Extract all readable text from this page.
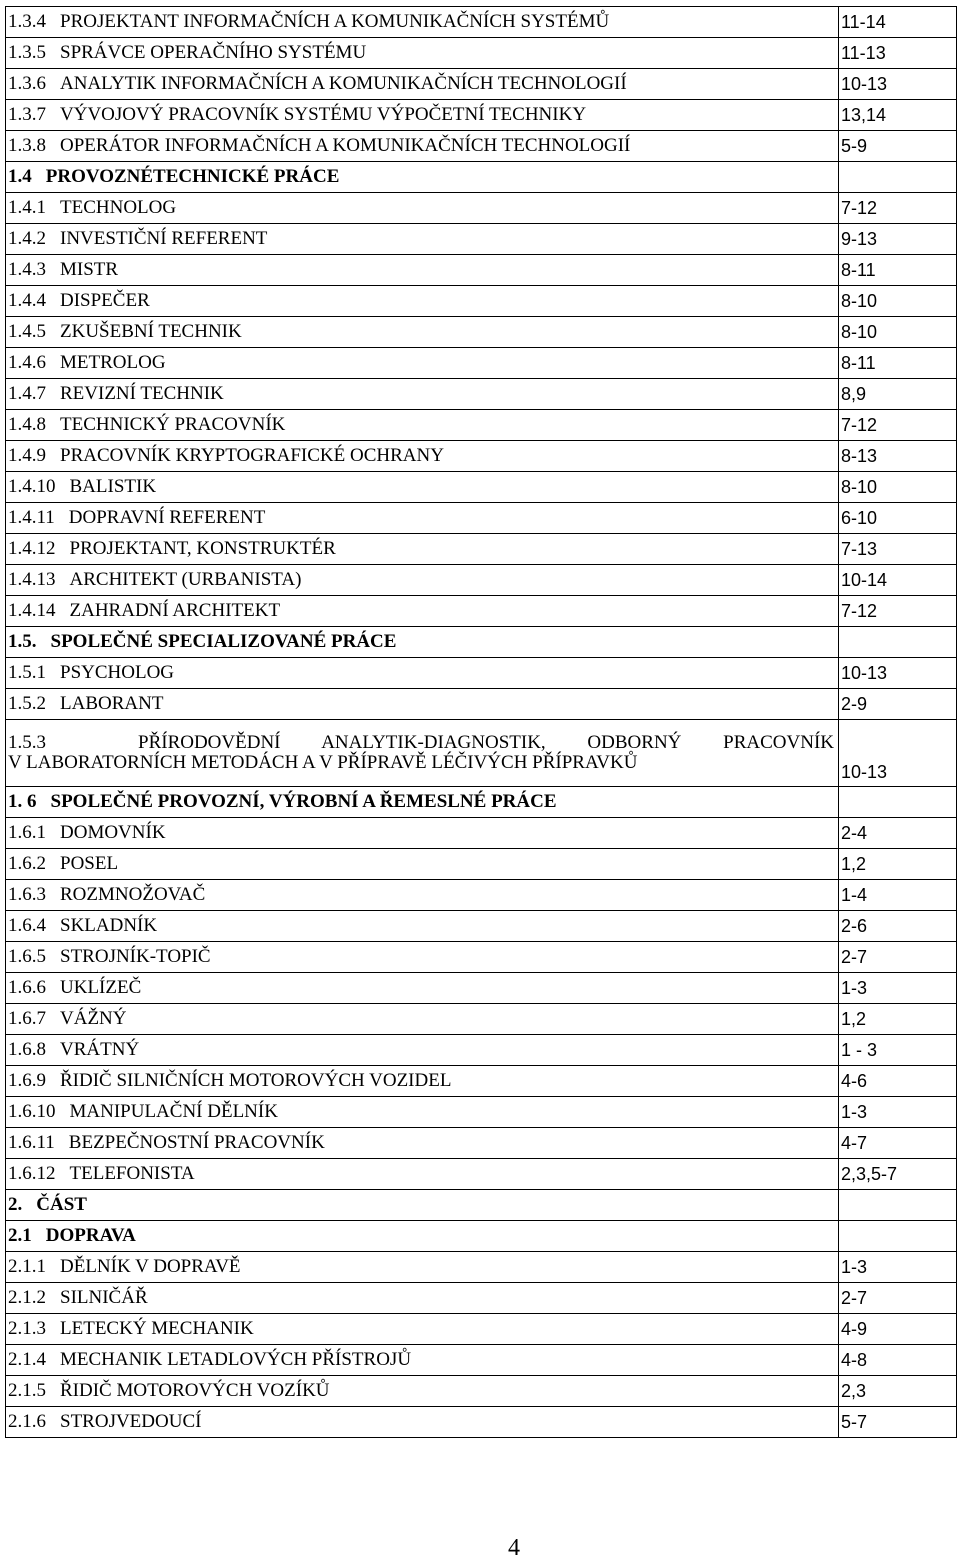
1.3.4 PROJEKTANT INFORMAČNÍCH A KOMUNIKAČNÍCH SYSTÉMŮ	11-14
1.3.5 SPRÁVCE OPERAČNÍHO SYSTÉMU	11-13
1.3.6 ANALYTIK INFORMAČNÍCH A KOMUNIKAČNÍCH TECHNOLOGIÍ	10-13
1.3.7 VÝVOJOVÝ PRACOVNÍK SYSTÉMU VÝPOČETNÍ TECHNIKY	13,14
1.3.8 OPERÁTOR INFORMAČNÍCH A KOMUNIKAČNÍCH TECHNOLOGIÍ	5-9
1.4 PROVOZNÉTECHNICKÉ PRÁCE	
1.4.1 TECHNOLOG	7-12
1.4.2 INVESTIČNÍ REFERENT	9-13
1.4.3 MISTR	8-11
1.4.4 DISPEČER	8-10
1.4.5 ZKUŠEBNÍ TECHNIK	8-10
1.4.6 METROLOG	8-11
1.4.7 REVIZNÍ TECHNIK	8,9
1.4.8 TECHNICKÝ PRACOVNÍK	7-12
1.4.9 PRACOVNÍK KRYPTOGRAFICKÉ OCHRANY	8-13
1.4.10 BALISTIK	8-10
1.4.11 DOPRAVNÍ REFERENT	6-10
1.4.12 PROJEKTANT, KONSTRUKTÉR	7-13
1.4.13 ARCHITEKT (URBANISTA)	10-14
1.4.14 ZAHRADNÍ ARCHITEKT	7-12
1.5. SPOLEČNÉ SPECIALIZOVANÉ PRÁCE	
1.5.1 PSYCHOLOG	10-13
1.5.2 LABORANT	2-9

1.5.3 PŘÍRODOVĚDNÍ ANALYTIK-DIAGNOSTIK, ODBORNÝ PRACOVNÍK
V LABORATORNÍCH METODÁCH A V PŘÍPRAVĚ LÉČIVÝCH PŘÍPRAVKŮ	10-13
1. 6 SPOLEČNÉ PROVOZNÍ, VÝROBNÍ A ŘEMESLNÉ PRÁCE	
1.6.1 DOMOVNÍK	2-4
1.6.2 POSEL	1,2
1.6.3 ROZMNOŽOVAČ	1-4
1.6.4 SKLADNÍK	2-6
1.6.5 STROJNÍK-TOPIČ	2-7
1.6.6 UKLÍZEČ	1-3
1.6.7 VÁŽNÝ	1,2
1.6.8 VRÁTNÝ	1 - 3
1.6.9 ŘIDIČ SILNIČNÍCH MOTOROVÝCH VOZIDEL	4-6
1.6.10 MANIPULAČNÍ DĚLNÍK	1-3
1.6.11 BEZPEČNOSTNÍ PRACOVNÍK	4-7
1.6.12 TELEFONISTA	2,3,5-7
2. ČÁST	
2.1 DOPRAVA	
2.1.1 DĚLNÍK V DOPRAVĚ	1-3
2.1.2 SILNIČÁŘ	2-7
2.1.3 LETECKÝ MECHANIK	4-9
2.1.4 MECHANIK LETADLOVÝCH PŘÍSTROJŮ	4-8
2.1.5 ŘIDIČ MOTOROVÝCH VOZÍKŮ	2,3
2.1.6 STROJVEDOUCÍ	5-7
4
